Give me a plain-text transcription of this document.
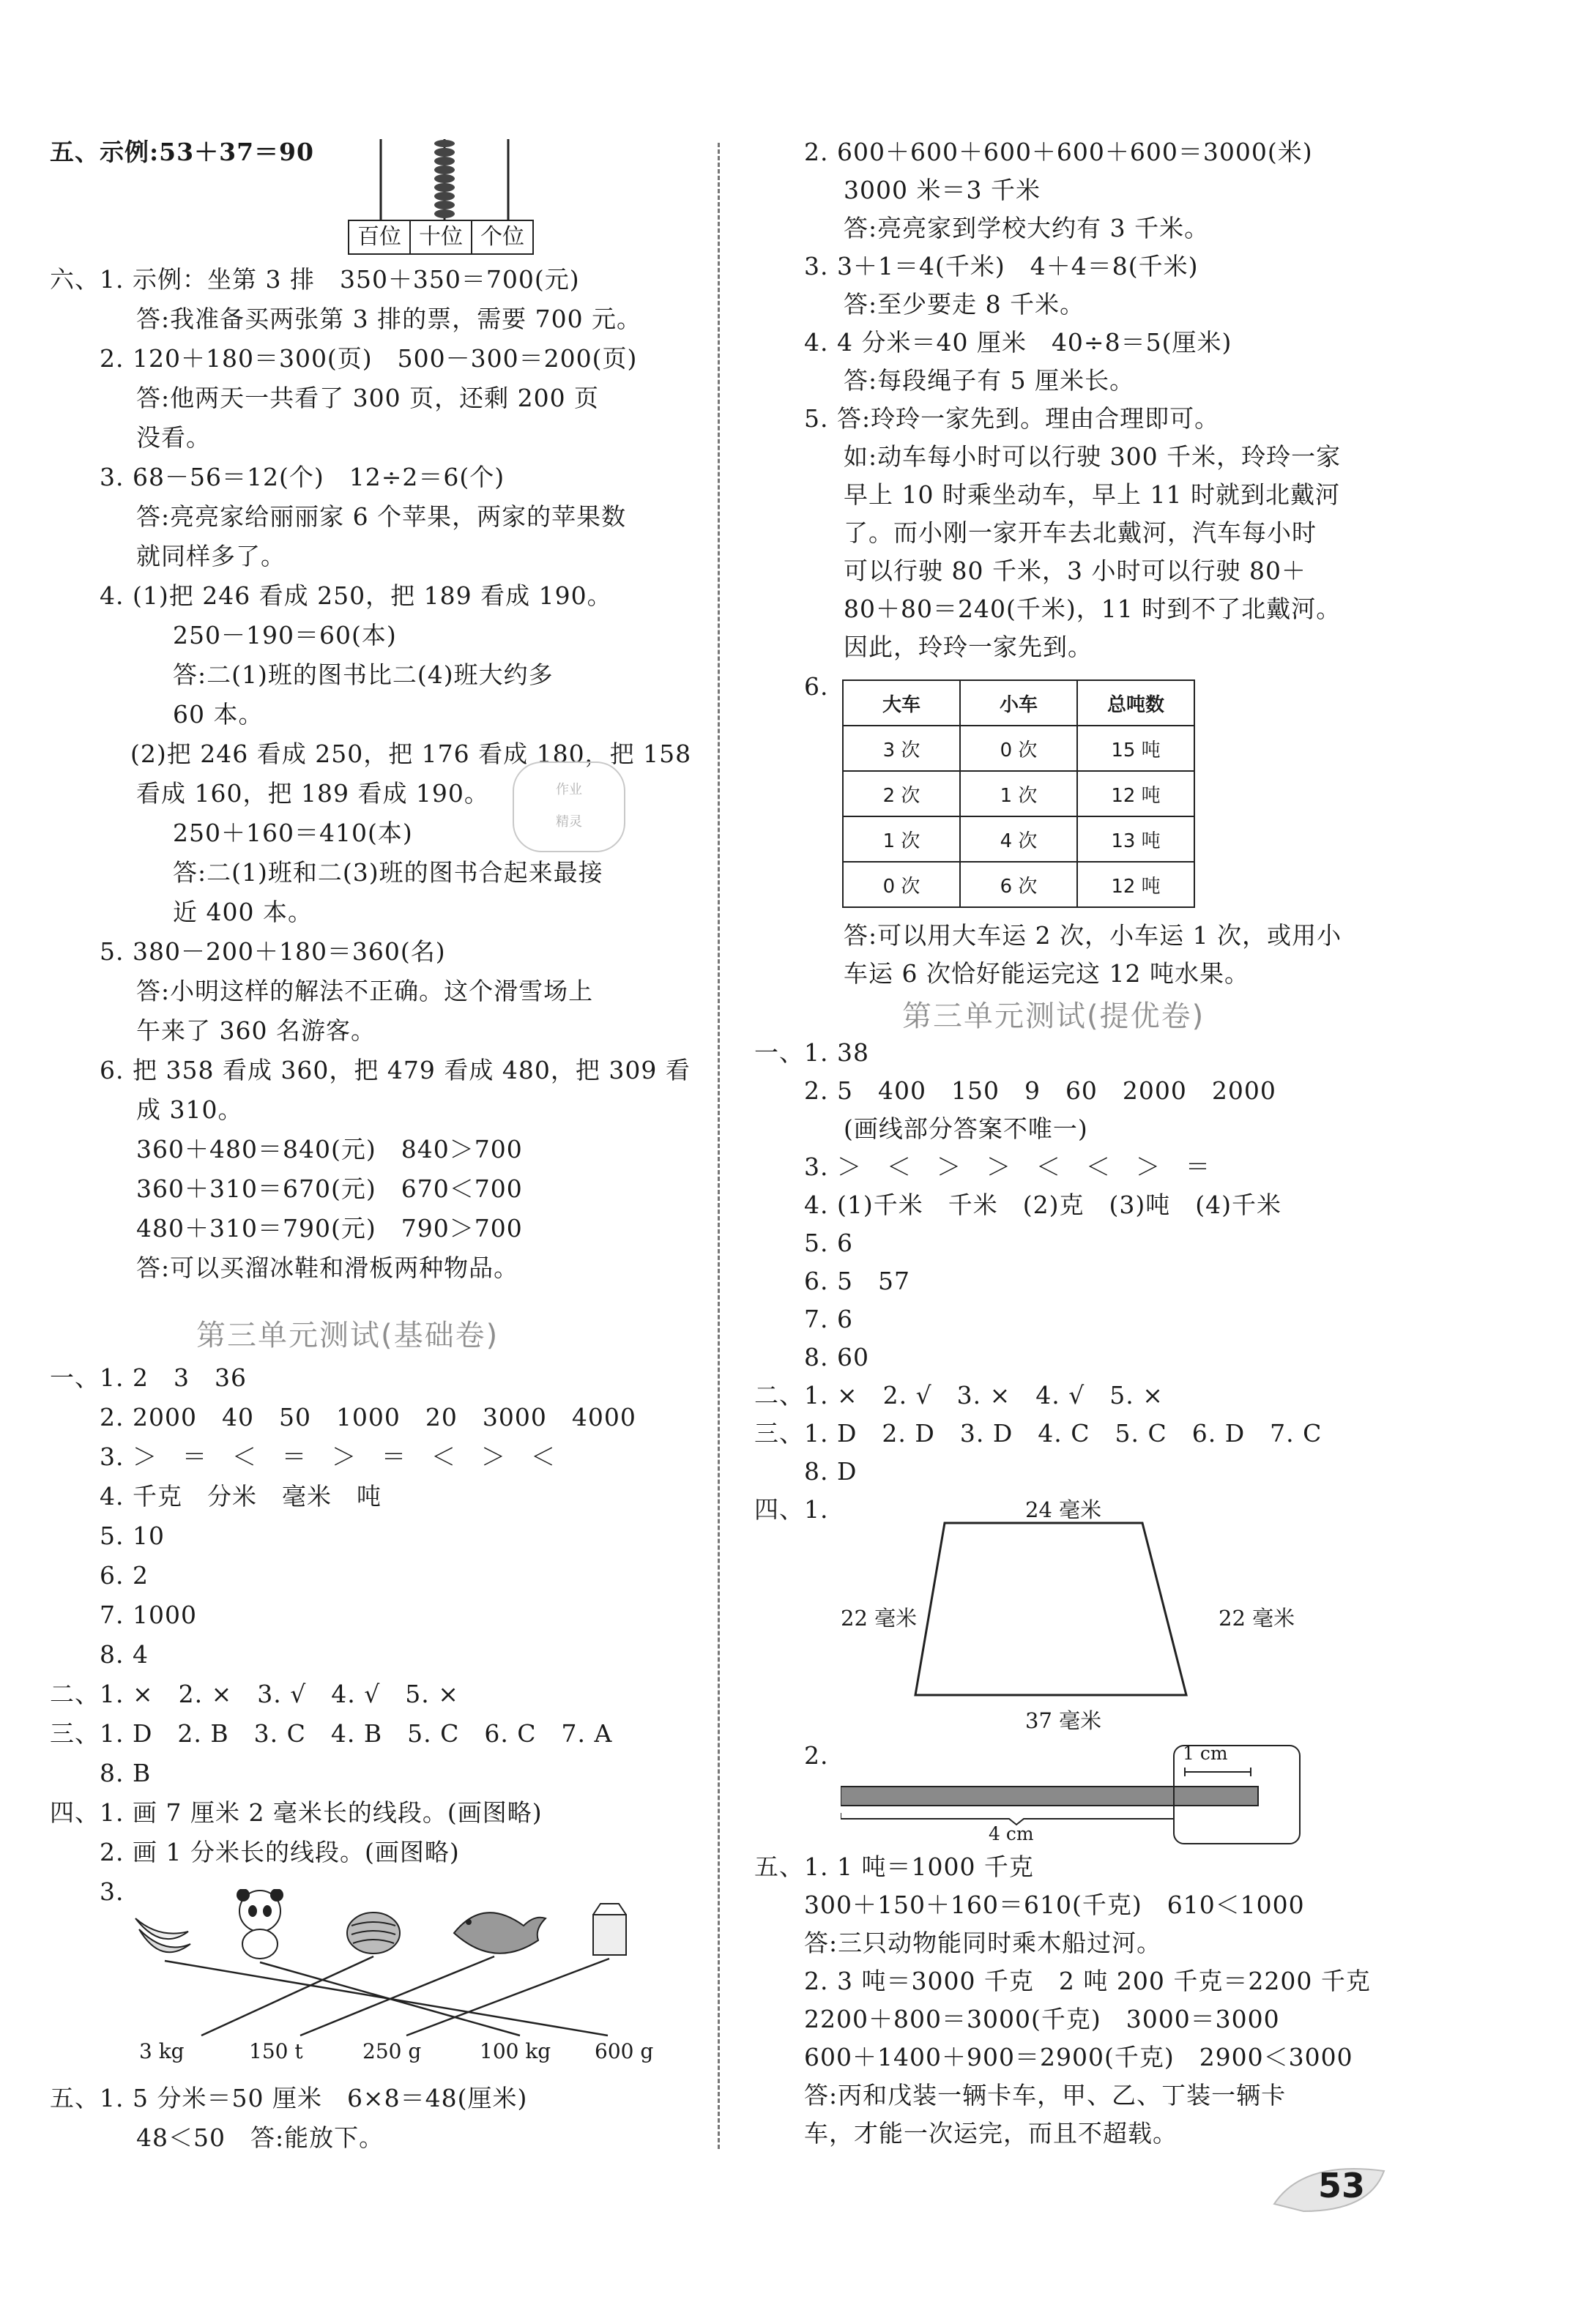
五、示例:53＋37＝90
六、1. 示例：坐第 3 排　350＋350＝700(元)
答:我准备买两张第 3 排的票，需要 700 元。
2. 120＋180＝300(页)　500－300＝200(页)
答:他两天一共看了 300 页，还剩 200 页
没看。
3. 68－56＝12(个)　12÷2＝6(个)
答:亮亮家给丽丽家 6 个苹果，两家的苹果数
就同样多了。
4. (1)把 246 看成 250，把 189 看成 190。
250－190＝60(本)
答:二(1)班的图书比二(4)班大约多
60 本。
(2)把 246 看成 250，把 176 看成 180，把 158
看成 160，把 189 看成 190。
250＋160＝410(本)
答:二(1)班和二(3)班的图书合起来最接
近 400 本。
5. 380－200＋180＝360(名)
答:小明这样的解法不正确。这个滑雪场上
午来了 360 名游客。
6. 把 358 看成 360，把 479 看成 480，把 309 看
成 310。
360＋480＝840(元)　840＞700
360＋310＝670(元)　670＜700
480＋310＝790(元)　790＞700
答:可以买溜冰鞋和滑板两种物品。
一、1. 2　3　36
2. 2000　40　50　1000　20　3000　4000
3. ＞　＝　＜　＝　＞　＝　＜　＞　＜
4. 千克　分米　毫米　吨
5. 10
6. 2
7. 1000
8. 4
二、1. ×　2. ×　3. √　4. √　5. ×
三、1. D　2. B　3. C　4. B　5. C　6. C　7. A
8. B
四、1. 画 7 厘米 2 毫米长的线段。(画图略)
2. 画 1 分米长的线段。(画图略)
3.
五、1. 5 分米＝50 厘米　6×8＝48(厘米)
48＜50　答:能放下。
2. 600＋600＋600＋600＋600＝3000(米)
3000 米＝3 千米
答:亮亮家到学校大约有 3 千米。
3. 3＋1＝4(千米)　4＋4＝8(千米)
答:至少要走 8 千米。
4. 4 分米＝40 厘米　40÷8＝5(厘米)
答:每段绳子有 5 厘米长。
5. 答:玲玲一家先到。理由合理即可。
如:动车每小时可以行驶 300 千米，玲玲一家
早上 10 时乘坐动车，早上 11 时就到北戴河
了。而小刚一家开车去北戴河，汽车每小时
可以行驶 80 千米，3 小时可以行驶 80＋
80＋80＝240(千米)，11 时到不了北戴河。
因此，玲玲一家先到。
6.
答:可以用大车运 2 次，小车运 1 次，或用小
车运 6 次恰好能运完这 12 吨水果。
一、1. 38
2. 5　400　150　9　60　2000　2000
(画线部分答案不唯一)
3. ＞　＜　＞　＞　＜　＜　＞　＝
4. (1)千米　千米　(2)克　(3)吨　(4)千米
5. 6
6. 5　57
7. 6
8. 60
二、1. ×　2. √　3. ×　4. √　5. ×
三、1. D　2. D　3. D　4. C　5. C　6. D　7. C
8. D
四、1.
2.
五、1. 1 吨＝1000 千克
300＋150＋160＝610(千克)　610＜1000
答:三只动物能同时乘木船过河。
2. 3 吨＝3000 千克　2 吨 200 千克＝2200 千克
2200＋800＝3000(千克)　3000＝3000
600＋1400＋900＝2900(千克)　2900＜3000
答:丙和戊装一辆卡车，甲、乙、丁装一辆卡
车，才能一次运完，而且不超载。
百位 十位 个位
作业
精灵
第三单元测试(基础卷)
第三单元测试(提优卷)
大车	小车	总吨数
3 次	0 次	15 吨
2 次	1 次	12 吨
1 次	4 次	13 吨
0 次	6 次	12 吨
24 毫米
22 毫米	22 毫米
37 毫米
1 cm
4 cm
3 kg	150 t	250 g	100 kg 600 g
53
